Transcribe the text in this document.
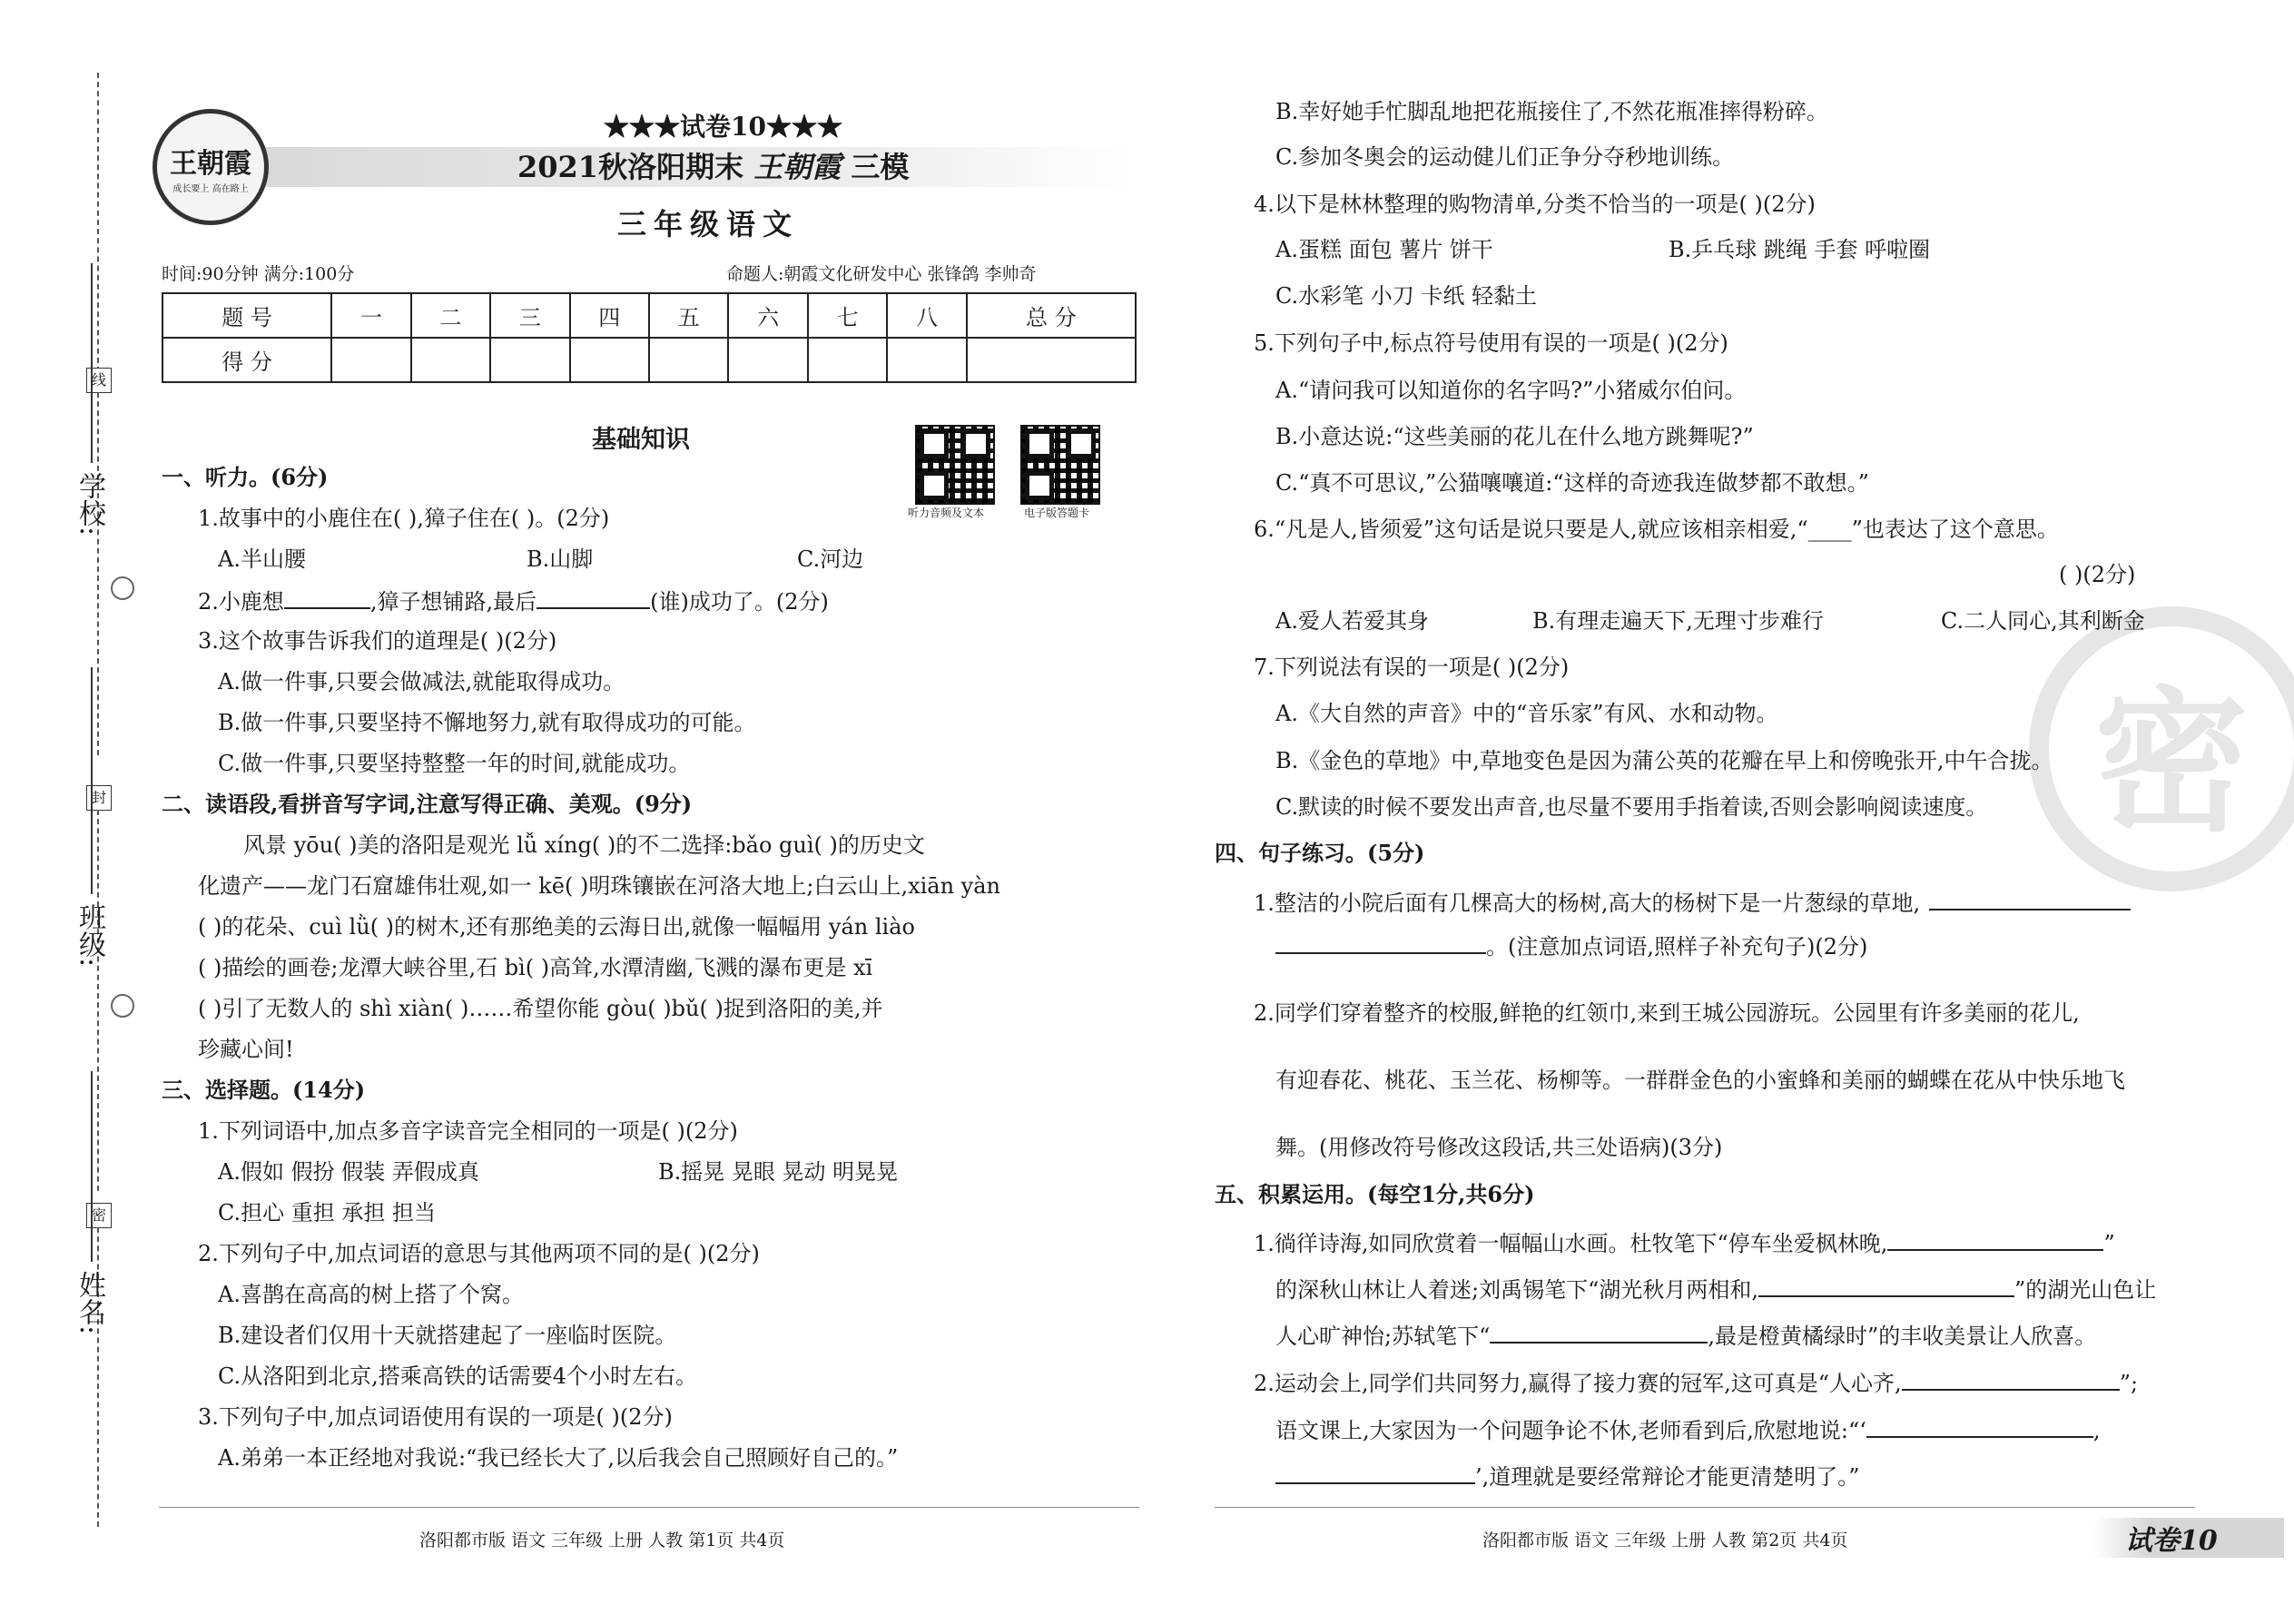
线
封
密
学校:
班级:
姓名:
王朝霞
成长要上 高在路上
★★★试卷10★★★
2021秋洛阳期末 王朝霞 三模
三年级语文
时间:90分钟 满分:100分	命题人:朝霞文化研发中心 张锋鸽 李帅奇
题 号	一	二	三	四	五	六	七	八	总 分
得 分									
听力音频及文本	电子版答题卡
基础知识
一、听力。(6分)
1.故事中的小鹿住在( ),獐子住在( )。(2分)
A.半山腰	B.山脚	C.河边
2.小鹿想	,獐子想铺路,最后	(谁)成功了。(2分)
3.这个故事告诉我们的道理是( )(2分)
A.做一件事,只要会做减法,就能取得成功。
B.做一件事,只要坚持不懈地努力,就有取得成功的可能。
C.做一件事,只要坚持整整一年的时间,就能成功。
二、读语段,看拼音写字词,注意写得正确、美观。(9分)
风景 yōu( )美的洛阳是观光 lǚ xíng( )的不二选择:bǎo guì( )的历史文
化遗产——龙门石窟雄伟壮观,如一 kē( )明珠镶嵌在河洛大地上;白云山上,xiān yàn
( )的花朵、cuì lǜ( )的树木,还有那绝美的云海日出,就像一幅幅用 yán liào
( )描绘的画卷;龙潭大峡谷里,石 bì( )高耸,水潭清幽,飞溅的瀑布更是 xī
( )引了无数人的 shì xiàn( )……希望你能 gòu( )bǔ( )捉到洛阳的美,并
珍藏心间!
三、选择题。(14分)
1.下列词语中,加点多音字读音完全相同的一项是( )(2分)
A.假如 假扮 假装 弄假成真	B.摇晃 晃眼 晃动 明晃晃
C.担心 重担 承担 担当
2.下列句子中,加点词语的意思与其他两项不同的是( )(2分)
A.喜鹊在高高的树上搭了个窝。
B.建设者们仅用十天就搭建起了一座临时医院。
C.从洛阳到北京,搭乘高铁的话需要4个小时左右。
3.下列句子中,加点词语使用有误的一项是( )(2分)
A.弟弟一本正经地对我说:“我已经长大了,以后我会自己照顾好自己的。”
洛阳都市版 语文 三年级 上册 人教 第1页 共4页
密
B.幸好她手忙脚乱地把花瓶接住了,不然花瓶准摔得粉碎。
C.参加冬奥会的运动健儿们正争分夺秒地训练。
4.以下是林林整理的购物清单,分类不恰当的一项是( )(2分)
A.蛋糕 面包 薯片 饼干	B.乒乓球 跳绳 手套 呼啦圈
C.水彩笔 小刀 卡纸 轻黏土
5.下列句子中,标点符号使用有误的一项是( )(2分)
A.“请问我可以知道你的名字吗?”小猪威尔伯问。
B.小意达说:“这些美丽的花儿在什么地方跳舞呢?”
C.“真不可思议,”公猫嚷嚷道:“这样的奇迹我连做梦都不敢想。”
6.“凡是人,皆须爱”这句话是说只要是人,就应该相亲相爱,“____”也表达了这个意思。
( )(2分)
A.爱人若爱其身	B.有理走遍天下,无理寸步难行	C.二人同心,其利断金
7.下列说法有误的一项是( )(2分)
A.《大自然的声音》中的“音乐家”有风、水和动物。
B.《金色的草地》中,草地变色是因为蒲公英的花瓣在早上和傍晚张开,中午合拢。
C.默读的时候不要发出声音,也尽量不要用手指着读,否则会影响阅读速度。
四、句子练习。(5分)
1.整洁的小院后面有几棵高大的杨树,高大的杨树下是一片葱绿的草地,
。(注意加点词语,照样子补充句子)(2分)
2.同学们穿着整齐的校服,鲜艳的红领巾,来到王城公园游玩。公园里有许多美丽的花儿,
有迎春花、桃花、玉兰花、杨柳等。一群群金色的小蜜蜂和美丽的蝴蝶在花从中快乐地飞
舞。(用修改符号修改这段话,共三处语病)(3分)
五、积累运用。(每空1分,共6分)
1.徜徉诗海,如同欣赏着一幅幅山水画。杜牧笔下“停车坐爱枫林晚,	”
的深秋山林让人着迷;刘禹锡笔下“湖光秋月两相和,	”的湖光山色让
人心旷神怡;苏轼笔下“	,最是橙黄橘绿时”的丰收美景让人欣喜。
2.运动会上,同学们共同努力,赢得了接力赛的冠军,这可真是“人心齐,	”;
语文课上,大家因为一个问题争论不休,老师看到后,欣慰地说:“‘	,
’,道理就是要经常辩论才能更清楚明了。”
洛阳都市版 语文 三年级 上册 人教 第2页 共4页	试卷10
